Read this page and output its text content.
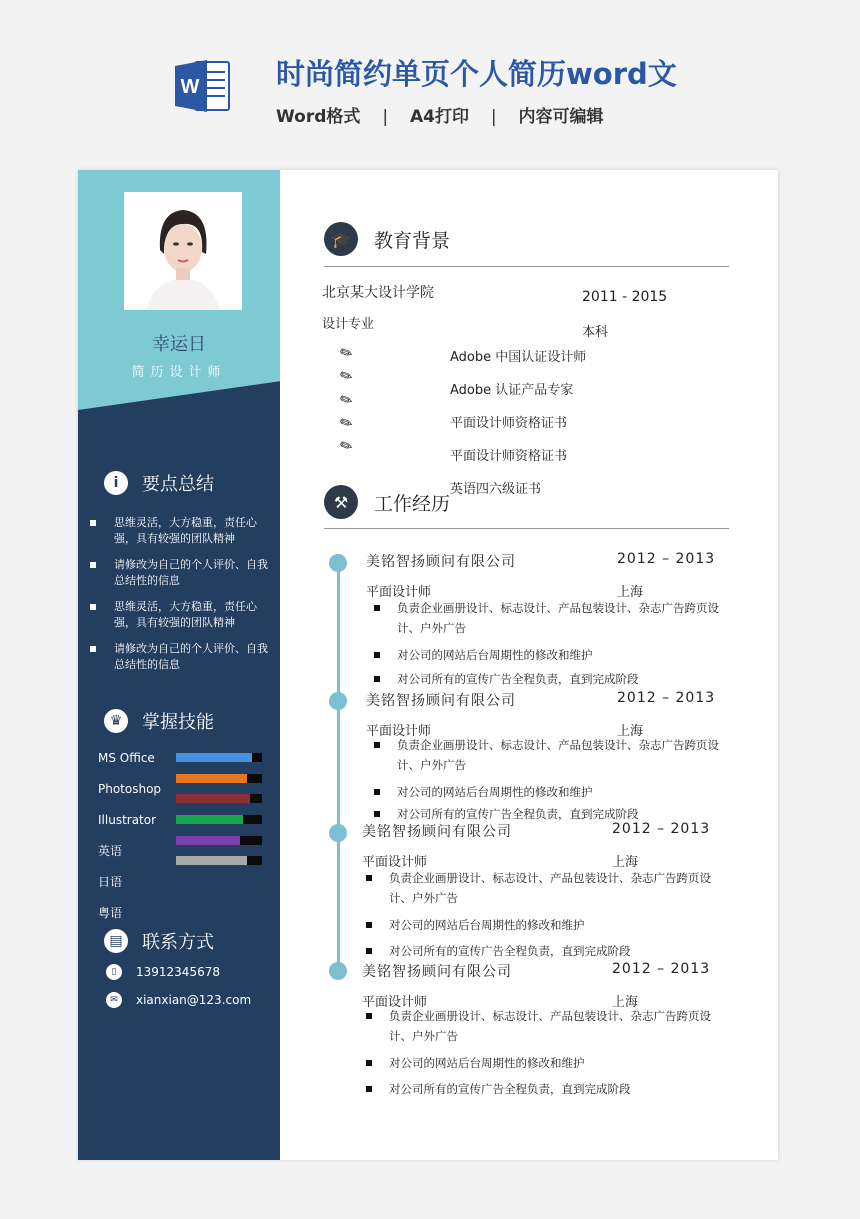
W	时尚简约单页个人简历word文
Word格式 | A4打印 | 内容可编辑
幸运日
简历设计师
i	要点总结
思维灵活，大方稳重，责任心强，具有较强的团队精神
请修改为自己的个人评价、自我总结性的信息
思维灵活，大方稳重，责任心强，具有较强的团队精神
请修改为自己的个人评价、自我总结性的信息
♛	掌握技能
MS Office
Photoshop
Illustrator
英语
日语
粤语
▤ 联系方式
▯	13912345678
✉	xianxian@123.com
🎓	教育背景
北京某大设计学院	2011 - 2015
设计专业
本科
✎
✎
✎
✎
✎
Adobe 中国认证设计师
Adobe 认证产品专家
平面设计师资格证书
平面设计师资格证书
英语四六级证书
⚒	工作经历
美铭智扬顾问有限公司	2012 – 2013
平面设计师	上海
负责企业画册设计、标志设计、产品包装设计、杂志广告跨页设计、户外广告
对公司的网站后台周期性的修改和维护
对公司所有的宣传广告全程负责，直到完成阶段
美铭智扬顾问有限公司	2012 – 2013
平面设计师	上海
负责企业画册设计、标志设计、产品包装设计、杂志广告跨页设计、户外广告
对公司的网站后台周期性的修改和维护
对公司所有的宣传广告全程负责，直到完成阶段
美铭智扬顾问有限公司	2012 – 2013
平面设计师	上海
负责企业画册设计、标志设计、产品包装设计、杂志广告跨页设计、户外广告
对公司的网站后台周期性的修改和维护
对公司所有的宣传广告全程负责，直到完成阶段
美铭智扬顾问有限公司	2012 – 2013
平面设计师	上海
负责企业画册设计、标志设计、产品包装设计、杂志广告跨页设计、户外广告
对公司的网站后台周期性的修改和维护
对公司所有的宣传广告全程负责，直到完成阶段
